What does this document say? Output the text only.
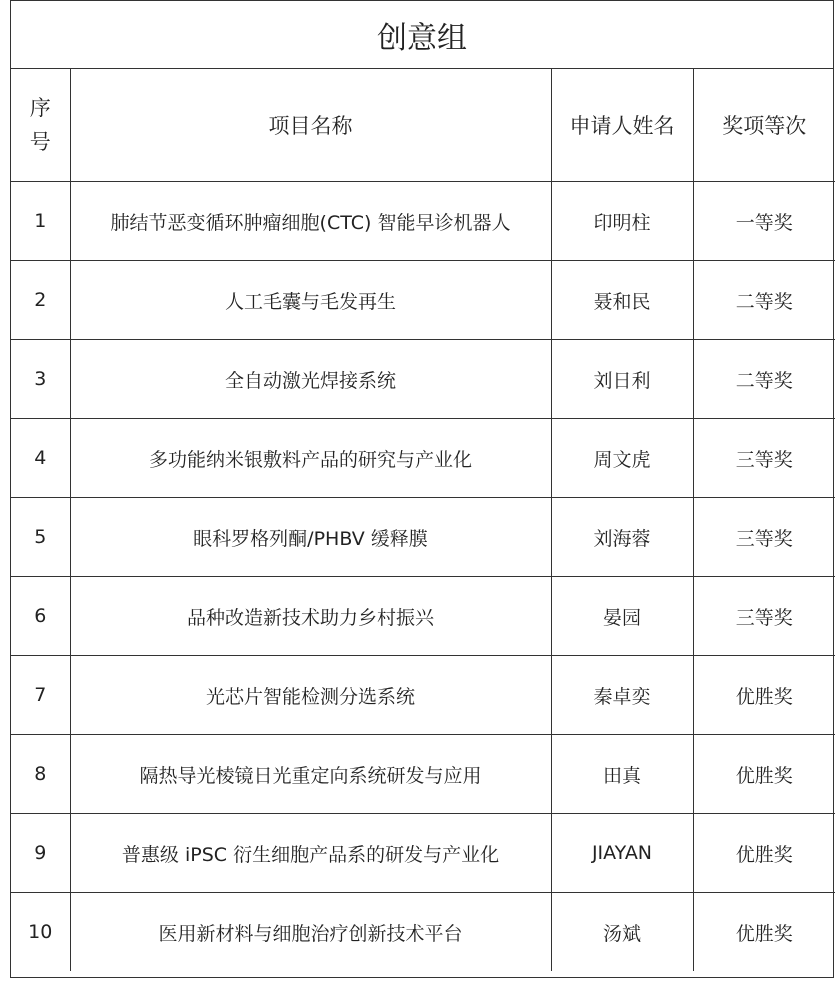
创意组
序
号	项目名称	申请人姓名	奖项等次
1	肺结节恶变循环肿瘤细胞(CTC) 智能早诊机器人	印明柱	一等奖
2	人工毛囊与毛发再生	聂和民	二等奖
3	全自动激光焊接系统	刘日利	二等奖
4	多功能纳米银敷料产品的研究与产业化	周文虎	三等奖
5	眼科罗格列酮/PHBV 缓释膜	刘海蓉	三等奖
6	品种改造新技术助力乡村振兴	晏园	三等奖
7	光芯片智能检测分选系统	秦卓奕	优胜奖
8	隔热导光棱镜日光重定向系统研发与应用	田真	优胜奖
9	普惠级 iPSC 衍生细胞产品系的研发与产业化	JIAYAN	优胜奖
10	医用新材料与细胞治疗创新技术平台	汤斌	优胜奖
